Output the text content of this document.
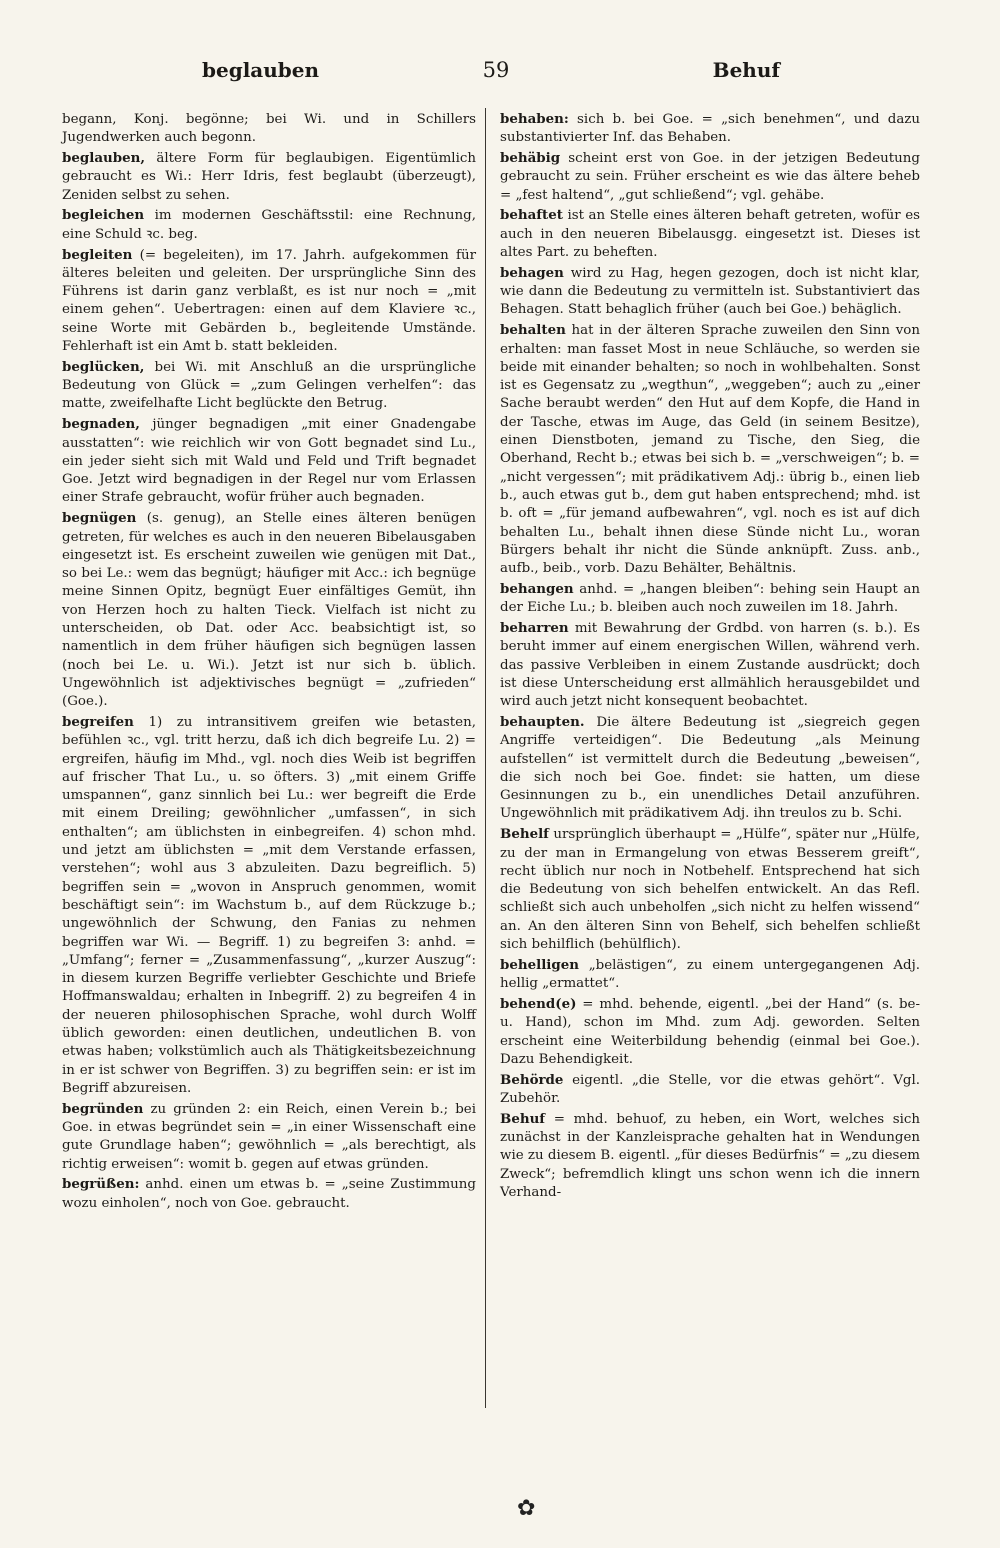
beglauben	59	Behuf

begann, Konj. begönne; bei Wi. und in Schillers Jugendwerken auch begonn.

beglauben, ältere Form für beglaubigen. Eigentümlich gebraucht es Wi.: Herr Idris, fest beglaubt (überzeugt), Zeniden selbst zu sehen.

begleichen im modernen Geschäftsstil: eine Rechnung, eine Schuld ꝛc. beg.

begleiten (= begeleiten), im 17. Jahrh. aufgekommen für älteres beleiten und geleiten. Der ursprüngliche Sinn des Führens ist darin ganz verblaßt, es ist nur noch = „mit einem gehen“. Uebertragen: einen auf dem Klaviere ꝛc., seine Worte mit Gebärden b., begleitende Umstände. Fehlerhaft ist ein Amt b. statt bekleiden.

beglücken, bei Wi. mit Anschluß an die ursprüngliche Bedeutung von Glück = „zum Gelingen verhelfen“: das matte, zweifelhafte Licht beglückte den Betrug.

begnaden, jünger begnadigen „mit einer Gnadengabe ausstatten“: wie reichlich wir von Gott begnadet sind Lu., ein jeder sieht sich mit Wald und Feld und Trift begnadet Goe. Jetzt wird begnadigen in der Regel nur vom Erlassen einer Strafe gebraucht, wofür früher auch begnaden.

begnügen (s. genug), an Stelle eines älteren benügen getreten, für welches es auch in den neueren Bibelausgaben eingesetzt ist. Es erscheint zuweilen wie genügen mit Dat., so bei Le.: wem das begnügt; häufiger mit Acc.: ich begnüge meine Sinnen Opitz, begnügt Euer einfältiges Gemüt, ihn von Herzen hoch zu halten Tieck. Vielfach ist nicht zu unterscheiden, ob Dat. oder Acc. beabsichtigt ist, so namentlich in dem früher häufigen sich begnügen lassen (noch bei Le. u. Wi.). Jetzt ist nur sich b. üblich. Ungewöhnlich ist adjektivisches begnügt = „zufrieden“ (Goe.).

begreifen 1) zu intransitivem greifen wie betasten, befühlen ꝛc., vgl. tritt herzu, daß ich dich begreife Lu. 2) = ergreifen, häufig im Mhd., vgl. noch dies Weib ist begriffen auf frischer That Lu., u. so öfters. 3) „mit einem Griffe umspannen“, ganz sinnlich bei Lu.: wer begreift die Erde mit einem Dreiling; gewöhnlicher „umfassen“, in sich enthalten“; am üblichsten in einbegreifen. 4) schon mhd. und jetzt am üblichsten = „mit dem Verstande erfassen, verstehen“; wohl aus 3 abzuleiten. Dazu begreiflich. 5) begriffen sein = „wovon in Anspruch genommen, womit beschäftigt sein“: im Wachstum b., auf dem Rückzuge b.; ungewöhnlich der Schwung, den Fanias zu nehmen begriffen war Wi. — Begriff. 1) zu begreifen 3: anhd. = „Umfang“; ferner = „Zusammenfassung“, „kurzer Auszug“: in diesem kurzen Begriffe verliebter Geschichte und Briefe Hoffmanswaldau; erhalten in Inbegriff. 2) zu begreifen 4 in der neueren philosophischen Sprache, wohl durch Wolff üblich geworden: einen deutlichen, undeutlichen B. von etwas haben; volkstümlich auch als Thätigkeitsbezeichnung in er ist schwer von Begriffen. 3) zu begriffen sein: er ist im Begriff abzureisen.

begründen zu gründen 2: ein Reich, einen Verein b.; bei Goe. in etwas begründet sein = „in einer Wissenschaft eine gute Grundlage haben“; gewöhnlich = „als berechtigt, als richtig erweisen“: womit b. gegen auf etwas gründen.

begrüßen: anhd. einen um etwas b. = „seine Zustimmung wozu einholen“, noch von Goe. gebraucht.

behaben: sich b. bei Goe. = „sich benehmen“, und dazu substantivierter Inf. das Behaben.

behäbig scheint erst von Goe. in der jetzigen Bedeutung gebraucht zu sein. Früher erscheint es wie das ältere beheb = „fest haltend“, „gut schließend“; vgl. gehäbe.

behaftet ist an Stelle eines älteren behaft getreten, wofür es auch in den neueren Bibelausgg. eingesetzt ist. Dieses ist altes Part. zu beheften.

behagen wird zu Hag, hegen gezogen, doch ist nicht klar, wie dann die Bedeutung zu vermitteln ist. Substantiviert das Behagen. Statt behaglich früher (auch bei Goe.) behäglich.

behalten hat in der älteren Sprache zuweilen den Sinn von erhalten: man fasset Most in neue Schläuche, so werden sie beide mit einander behalten; so noch in wohlbehalten. Sonst ist es Gegensatz zu „wegthun“, „weggeben“; auch zu „einer Sache beraubt werden“ den Hut auf dem Kopfe, die Hand in der Tasche, etwas im Auge, das Geld (in seinem Besitze), einen Dienstboten, jemand zu Tische, den Sieg, die Oberhand, Recht b.; etwas bei sich b. = „verschweigen“; b. = „nicht vergessen“; mit prädikativem Adj.: übrig b., einen lieb b., auch etwas gut b., dem gut haben entsprechend; mhd. ist b. oft = „für jemand aufbewahren“, vgl. noch es ist auf dich behalten Lu., behalt ihnen diese Sünde nicht Lu., woran Bürgers behalt ihr nicht die Sünde anknüpft. Zuss. anb., aufb., beib., vorb. Dazu Behälter, Behältnis.

behangen anhd. = „hangen bleiben“: behing sein Haupt an der Eiche Lu.; b. bleiben auch noch zuweilen im 18. Jahrh.

beharren mit Bewahrung der Grdbd. von harren (s. b.). Es beruht immer auf einem energischen Willen, während verh. das passive Verbleiben in einem Zustande ausdrückt; doch ist diese Unterscheidung erst allmählich herausgebildet und wird auch jetzt nicht konsequent beobachtet.

behaupten. Die ältere Bedeutung ist „siegreich gegen Angriffe verteidigen“. Die Bedeutung „als Meinung aufstellen“ ist vermittelt durch die Bedeutung „beweisen“, die sich noch bei Goe. findet: sie hatten, um diese Gesinnungen zu b., ein unendliches Detail anzuführen. Ungewöhnlich mit prädikativem Adj. ihn treulos zu b. Schi.

Behelf ursprünglich überhaupt = „Hülfe“, später nur „Hülfe, zu der man in Ermangelung von etwas Besserem greift“, recht üblich nur noch in Notbehelf. Entsprechend hat sich die Bedeutung von sich behelfen entwickelt. An das Refl. schließt sich auch unbeholfen „sich nicht zu helfen wissend“ an. An den älteren Sinn von Behelf, sich behelfen schließt sich behilflich (behülflich).

behelligen „belästigen“, zu einem untergegangenen Adj. hellig „ermattet“.

behend(e) = mhd. behende, eigentl. „bei der Hand“ (s. be- u. Hand), schon im Mhd. zum Adj. geworden. Selten erscheint eine Weiterbildung behendig (einmal bei Goe.). Dazu Behendigkeit.

Behörde eigentl. „die Stelle, vor die etwas gehört“. Vgl. Zubehör.

Behuf = mhd. behuof, zu heben, ein Wort, welches sich zunächst in der Kanzleisprache gehalten hat in Wendungen wie zu diesem B. eigentl. „für dieses Bedürfnis“ = „zu diesem Zweck“; befremdlich klingt uns schon wenn ich die innern Verhand-

✿
